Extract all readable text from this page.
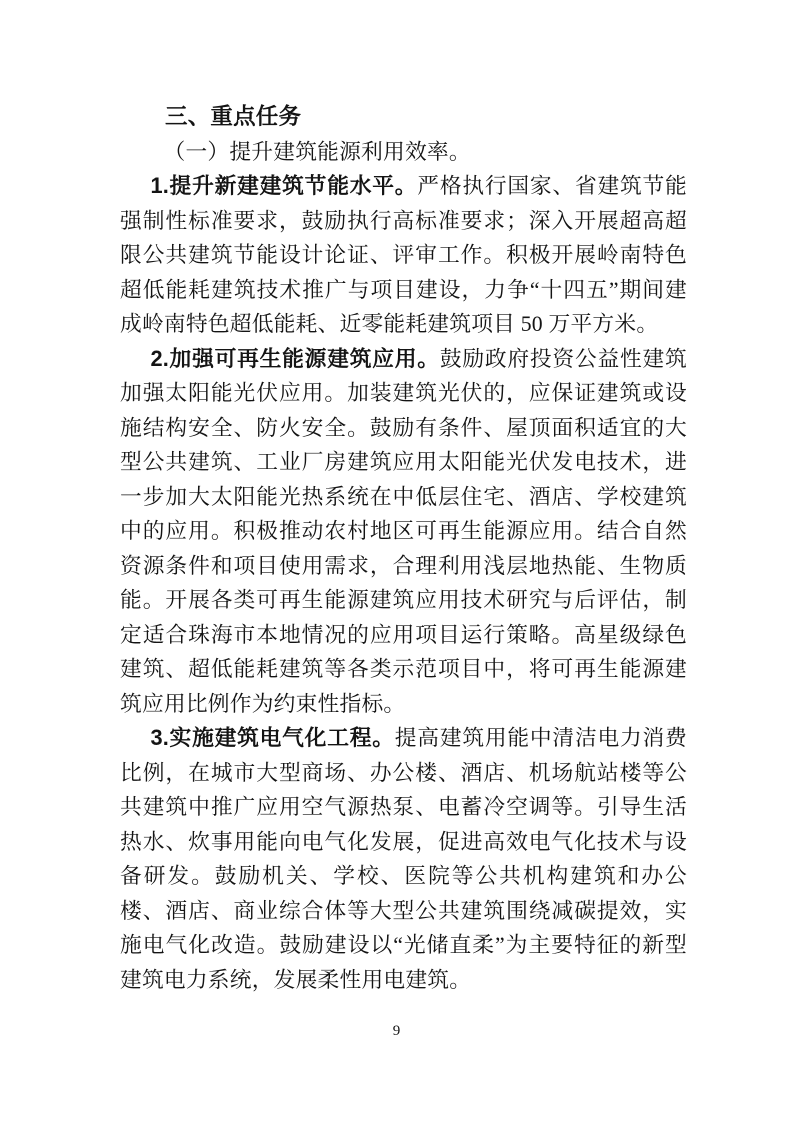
三、重点任务

（一）提升建筑能源利用效率。

1.提升新建建筑节能水平。严格执行国家、省建筑节能强制性标准要求，鼓励执行高标准要求；深入开展超高超限公共建筑节能设计论证、评审工作。积极开展岭南特色超低能耗建筑技术推广与项目建设，力争“十四五”期间建成岭南特色超低能耗、近零能耗建筑项目 50 万平方米。

2.加强可再生能源建筑应用。鼓励政府投资公益性建筑加强太阳能光伏应用。加装建筑光伏的，应保证建筑或设施结构安全、防火安全。鼓励有条件、屋顶面积适宜的大型公共建筑、工业厂房建筑应用太阳能光伏发电技术，进一步加大太阳能光热系统在中低层住宅、酒店、学校建筑中的应用。积极推动农村地区可再生能源应用。结合自然资源条件和项目使用需求，合理利用浅层地热能、生物质能。开展各类可再生能源建筑应用技术研究与后评估，制定适合珠海市本地情况的应用项目运行策略。高星级绿色建筑、超低能耗建筑等各类示范项目中，将可再生能源建筑应用比例作为约束性指标。

3.实施建筑电气化工程。提高建筑用能中清洁电力消费比例，在城市大型商场、办公楼、酒店、机场航站楼等公共建筑中推广应用空气源热泵、电蓄冷空调等。引导生活热水、炊事用能向电气化发展，促进高效电气化技术与设备研发。鼓励机关、学校、医院等公共机构建筑和办公楼、酒店、商业综合体等大型公共建筑围绕减碳提效，实施电气化改造。鼓励建设以“光储直柔”为主要特征的新型建筑电力系统，发展柔性用电建筑。

9
